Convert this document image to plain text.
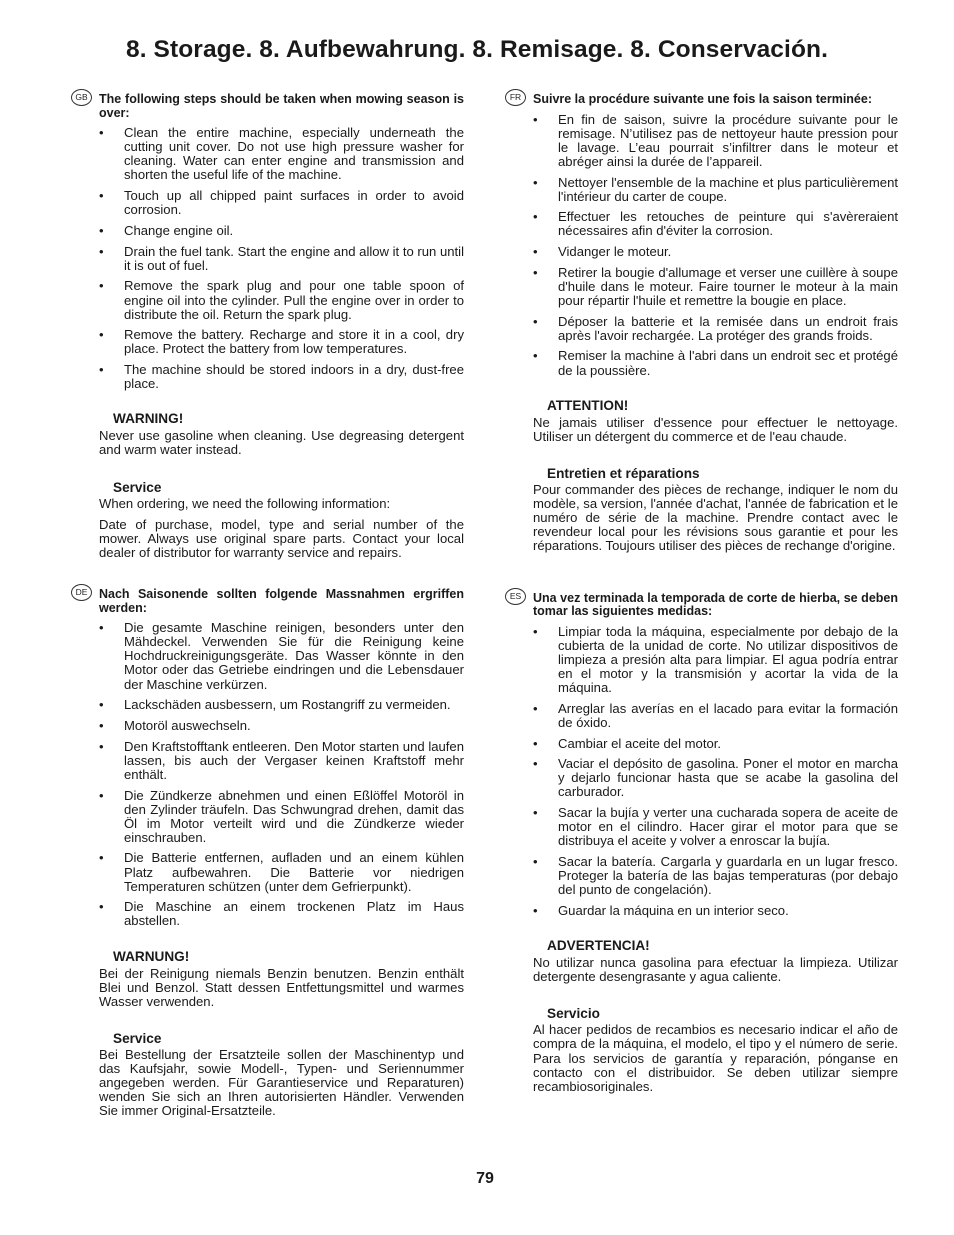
8. Storage. 8. Aufbewahrung. 8. Remisage. 8. Conservación.
GB The following steps should be taken when mowing season is over:

• Clean the entire machine, especially underneath the cutting unit cover. Do not use high pressure washer for cleaning. Water can enter engine and transmission and shorten the useful life of the machine.
• Touch up all chipped paint surfaces in order to avoid corrosion.
• Change engine oil.
• Drain the fuel tank. Start the engine and allow it to run until it is out of fuel.
• Remove the spark plug and pour one table spoon of engine oil into the cylinder. Pull the engine over in order to distribute the oil. Return the spark plug.
• Remove the battery. Recharge and store it in a cool, dry place. Protect the battery from low temperatures.
• The machine should be stored indoors in a dry, dust-free place.
WARNING!

Never use gasoline when cleaning. Use degreasing detergent and warm water instead.

Service

When ordering, we need the following information:

Date of purchase, model, type and serial number of the mower. Always use original spare parts. Contact your local dealer of distributor for warranty service and repairs.

DE Nach Saisonende sollten folgende Massnahmen ergriffen werden:

• Die gesamte Maschine reinigen, besonders unter den Mähdeckel. Verwenden Sie für die Reinigung keine Hochdruckreinigungsgeräte. Das Wasser könnte in den Motor oder das Getriebe eindringen und die Lebensdauer der Maschine verkürzen.
• Lackschäden ausbessern, um Rostangriff zu vermeiden.
• Motoröl auswechseln.
• Den Kraftstofftank entleeren. Den Motor starten und laufen lassen, bis auch der Vergaser keinen Kraftstoff mehr enthält.
• Die Zündkerze abnehmen und einen Eßlöffel Motoröl in den Zylinder träufeln. Das Schwungrad drehen, damit das Öl im Motor verteilt wird und die Zündkerze wieder einschrauben.
• Die Batterie entfernen, aufladen und an einem kühlen Platz aufbewahren. Die Batterie vor niedrigen Temperaturen schützen (unter dem Gefrierpunkt).
• Die Maschine an einem trockenen Platz im Haus abstellen.
WARNUNG!

Bei der Reinigung niemals Benzin benutzen. Benzin enthält Blei und Benzol. Statt dessen Entfettungsmittel und warmes Wasser verwenden.

Service

Bei Bestellung der Ersatzteile sollen der Maschinentyp und das Kaufsjahr, sowie Modell-, Typen- und Seriennummer angegeben werden. Für Garantieservice und Reparaturen) wenden Sie sich an Ihren autorisierten Händler. Verwenden Sie immer Original-Ersatzteile.

FR Suivre la procédure suivante une fois la saison terminée:

• En fin de saison, suivre la procédure suivante pour le remisage. N’utilisez pas de nettoyeur haute pression pour le lavage. L’eau pourrait s’infiltrer dans le moteur et abréger ainsi la durée de l’appareil.
• Nettoyer l'ensemble de la machine et plus particulièrement l'intérieur du carter de coupe.
• Effectuer les retouches de peinture qui s'avèreraient nécessaires afin d'éviter la corrosion.
• Vidanger le moteur.
• Retirer la bougie d'allumage et verser une cuillère à soupe d'huile dans le moteur. Faire tourner le moteur à la main pour répartir l'huile et remettre la bougie en place.
• Déposer la batterie et la remisée dans un endroit frais après l'avoir rechargée. La protéger des grands froids.
• Remiser la machine à l'abri dans un endroit sec et protégé de la poussière.
ATTENTION!

Ne jamais utiliser d'essence pour effectuer le nettoyage. Utiliser un détergent du commerce et de l'eau chaude.

Entretien et réparations

Pour commander des pièces de rechange, indiquer le nom du modèle, sa version, l'année d'achat, l'année de fabrication et le numéro de série de la machine. Prendre contact avec le revendeur local pour les révisions sous garantie et pour les réparations. Toujours utiliser des pièces de rechange d'origine.

ES Una vez terminada la temporada de corte de hierba, se deben tomar las siguientes medidas:

• Limpiar toda la máquina, especialmente por debajo de la cubierta de la unidad de corte. No utilizar dispositivos de limpieza a presión alta para limpiar. El agua podría entrar en el motor y la transmisión y acortar la vida de la máquina.
• Arreglar las averías en el lacado para evitar la formación de óxido.
• Cambiar el aceite del motor.
• Vaciar el depósito de gasolina. Poner el motor en marcha y dejarlo funcionar hasta que se acabe la gasolina del carburador.
• Sacar la bujía y verter una cucharada sopera de aceite de motor en el cilindro. Hacer girar el motor para que se distribuya el aceite y volver a enroscar la bujía.
• Sacar la batería. Cargarla y guardarla en un lugar fresco. Proteger la batería de las bajas temperaturas (por debajo del punto de congelación).
• Guardar la máquina en un interior seco.
ADVERTENCIA!

No utilizar nunca gasolina para efectuar la limpieza. Utilizar detergente desengrasante y agua caliente.

Servicio

Al hacer pedidos de recambios es necesario indicar el año de compra de la máquina, el modelo, el tipo y el número de serie. Para los servicios de garantía y reparación, pónganse en contacto con el distribuidor. Se deben utilizar siempre recambiosoriginales.

79
